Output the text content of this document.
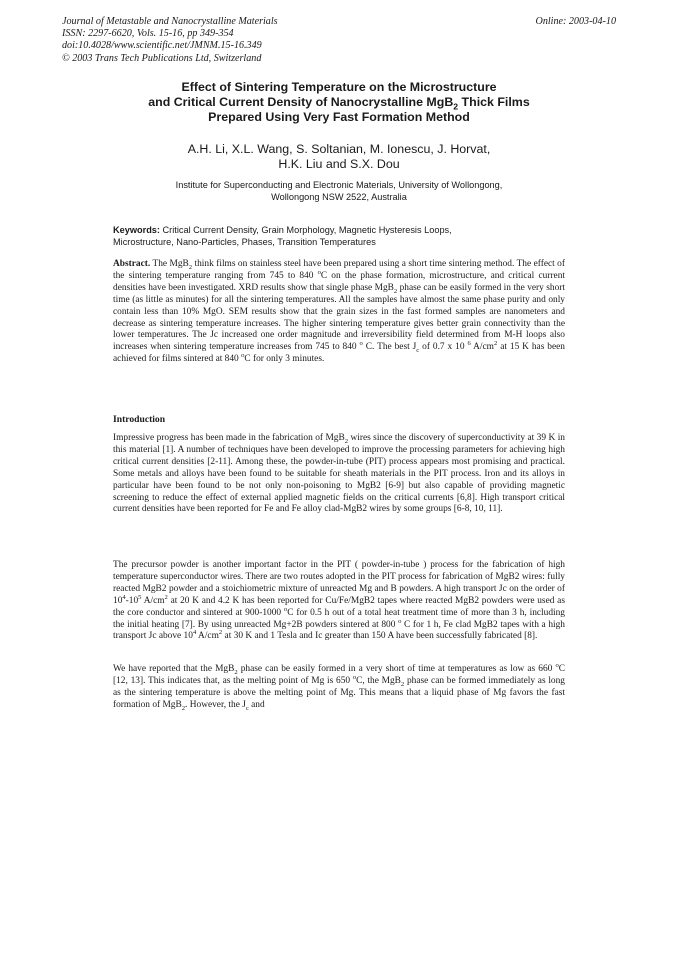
Journal of Metastable and Nanocrystalline Materials
ISSN: 2297-6620, Vols. 15-16, pp 349-354
doi:10.4028/www.scientific.net/JMNM.15-16.349
© 2003 Trans Tech Publications Ltd, Switzerland
Online: 2003-04-10
Effect of Sintering Temperature on the Microstructure
and Critical Current Density of Nanocrystalline MgB$_2$ Thick Films
Prepared Using Very Fast Formation Method
A.H. Li, X.L. Wang, S. Soltanian, M. Ionescu, J. Horvat,
H.K. Liu and S.X. Dou
Institute for Superconducting and Electronic Materials, University of Wollongong,
Wollongong NSW 2522, Australia
Keywords: Critical Current Density, Grain Morphology, Magnetic Hysteresis Loops,
Microstructure, Nano-Particles, Phases, Transition Temperatures

Abstract. The MgB$_2$ think films on stainless steel have been prepared using a short time sintering method. The effect of the sintering temperature ranging from 745 to 840 $^o$C on the phase formation, microstructure, and critical current densities have been investigated. XRD results show that single phase MgB$_2$ phase can be easily formed in the very short time (as little as minutes) for all the sintering temperatures. All the samples have almost the same phase purity and only contain less than 10% MgO. SEM results show that the grain sizes in the fast formed samples are nanometers and decrease as sintering temperature increases. The higher sintering temperature gives better grain connectivity than the lower temperatures. The Jc increased one order magnitude and irreversibility field determined from M-H loops also increases when sintering temperature increases from 745 to 840 $^o$ C. The best $J_c$ of 0.7 x 10 $^6$ $A/cm^2$ at 15 K has been achieved for films sintered at 840 $^o$C for only 3 minutes.

Introduction

Impressive progress has been made in the fabrication of MgB$_2$ wires since the discovery of superconductivity at 39 K in this material [1]. A number of techniques have been developed to improve the processing parameters for achieving high critical current densities [2-11]. Among these, the powder-in-tube (PIT) process appears most promising and practical. Some metals and alloys have been found to be suitable for sheath materials in the PIT process. Iron and its alloys in particular have been found to be not only non-poisoning to MgB2 [6-9] but also capable of providing magnetic screening to reduce the effect of external applied magnetic fields on the critical currents [6,8]. High transport critical current densities have been reported for Fe and Fe alloy clad-MgB2 wires by some groups [6-8, 10, 11].

The precursor powder is another important factor in the PIT ( powder-in-tube ) process for the fabrication of high temperature superconductor wires. There are two routes adopted in the PIT process for fabrication of MgB2 wires: fully reacted MgB2 powder and a stoichiometric mixture of unreacted Mg and B powders. A high transport Jc on the order of $10^4-10^5$ $A/cm^2$ at 20 K and 4.2 K has been reported for Cu/Fe/MgB2 tapes where reacted MgB2 powders were used as the core conductor and sintered at 900-1000 $^o$C for 0.5 h out of a total heat treatment time of more than 3 h, including the initial heating [7]. By using unreacted Mg+2B powders sintered at 800 $^o$ C for 1 h, Fe clad MgB2 tapes with a high transport Jc above $10^4$ $A/cm^2$ at 30 K and 1 Tesla and Ic greater than 150 A have been successfully fabricated [8].

We have reported that the MgB$_2$ phase can be easily formed in a very short of time at temperatures as low as 660 $^o$C [12, 13]. This indicates that, as the melting point of Mg is 650 $^o$C, the MgB$_2$ phase can be formed immediately as long as the sintering temperature is above the melting point of Mg. This means that a liquid phase of Mg favors the fast formation of MgB$_2$. However, the $J_c$ and
